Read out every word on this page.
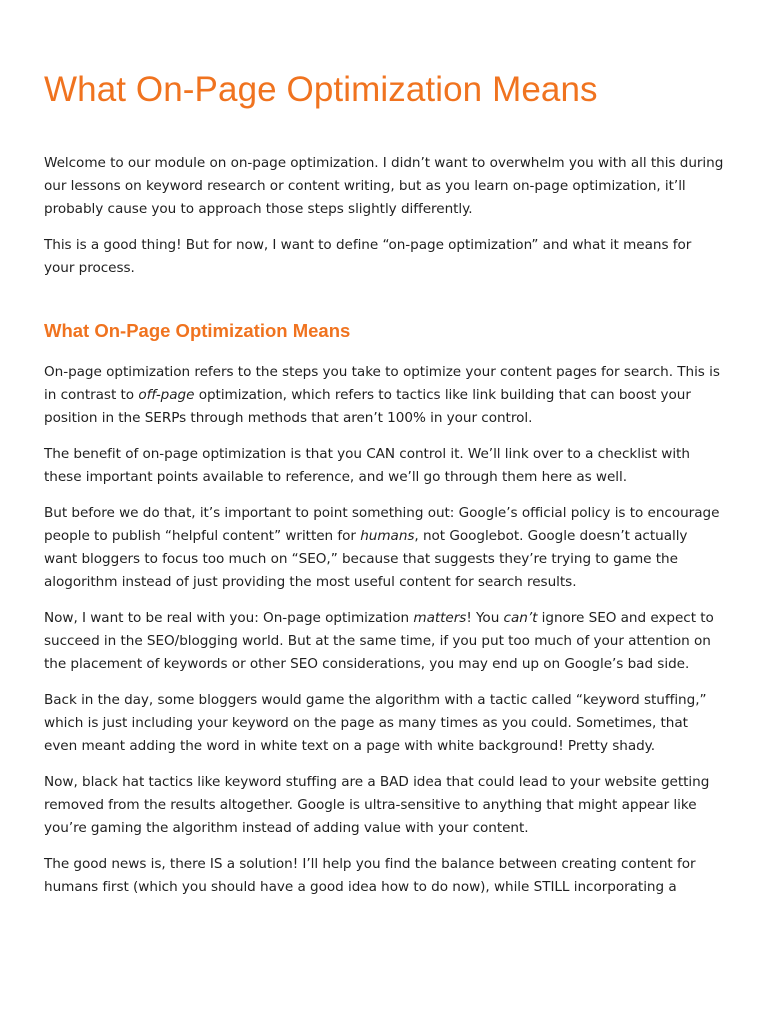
What On-Page Optimization Means

Welcome to our module on on-page optimization. I didn’t want to overwhelm you with all this during our lessons on keyword research or content writing, but as you learn on-page optimization, it’ll probably cause you to approach those steps slightly differently.

This is a good thing! But for now, I want to define “on-page optimization” and what it means for your process.

What On-Page Optimization Means

On-page optimization refers to the steps you take to optimize your content pages for search. This is in contrast to off-page optimization, which refers to tactics like link building that can boost your position in the SERPs through methods that aren’t 100% in your control.

The benefit of on-page optimization is that you CAN control it. We’ll link over to a checklist with these important points available to reference, and we’ll go through them here as well.

But before we do that, it’s important to point something out: Google’s official policy is to encourage people to publish “helpful content” written for humans, not Googlebot. Google doesn’t actually want bloggers to focus too much on “SEO,” because that suggests they’re trying to game the alogorithm instead of just providing the most useful content for search results.

Now, I want to be real with you: On-page optimization matters! You can’t ignore SEO and expect to succeed in the SEO/blogging world. But at the same time, if you put too much of your attention on the placement of keywords or other SEO considerations, you may end up on Google’s bad side.

Back in the day, some bloggers would game the algorithm with a tactic called “keyword stuffing,” which is just including your keyword on the page as many times as you could. Sometimes, that even meant adding the word in white text on a page with white background! Pretty shady.

Now, black hat tactics like keyword stuffing are a BAD idea that could lead to your website getting removed from the results altogether. Google is ultra-sensitive to anything that might appear like you’re gaming the algorithm instead of adding value with your content.

The good news is, there IS a solution! I’ll help you find the balance between creating content for humans first (which you should have a good idea how to do now), while STILL incorporating a
